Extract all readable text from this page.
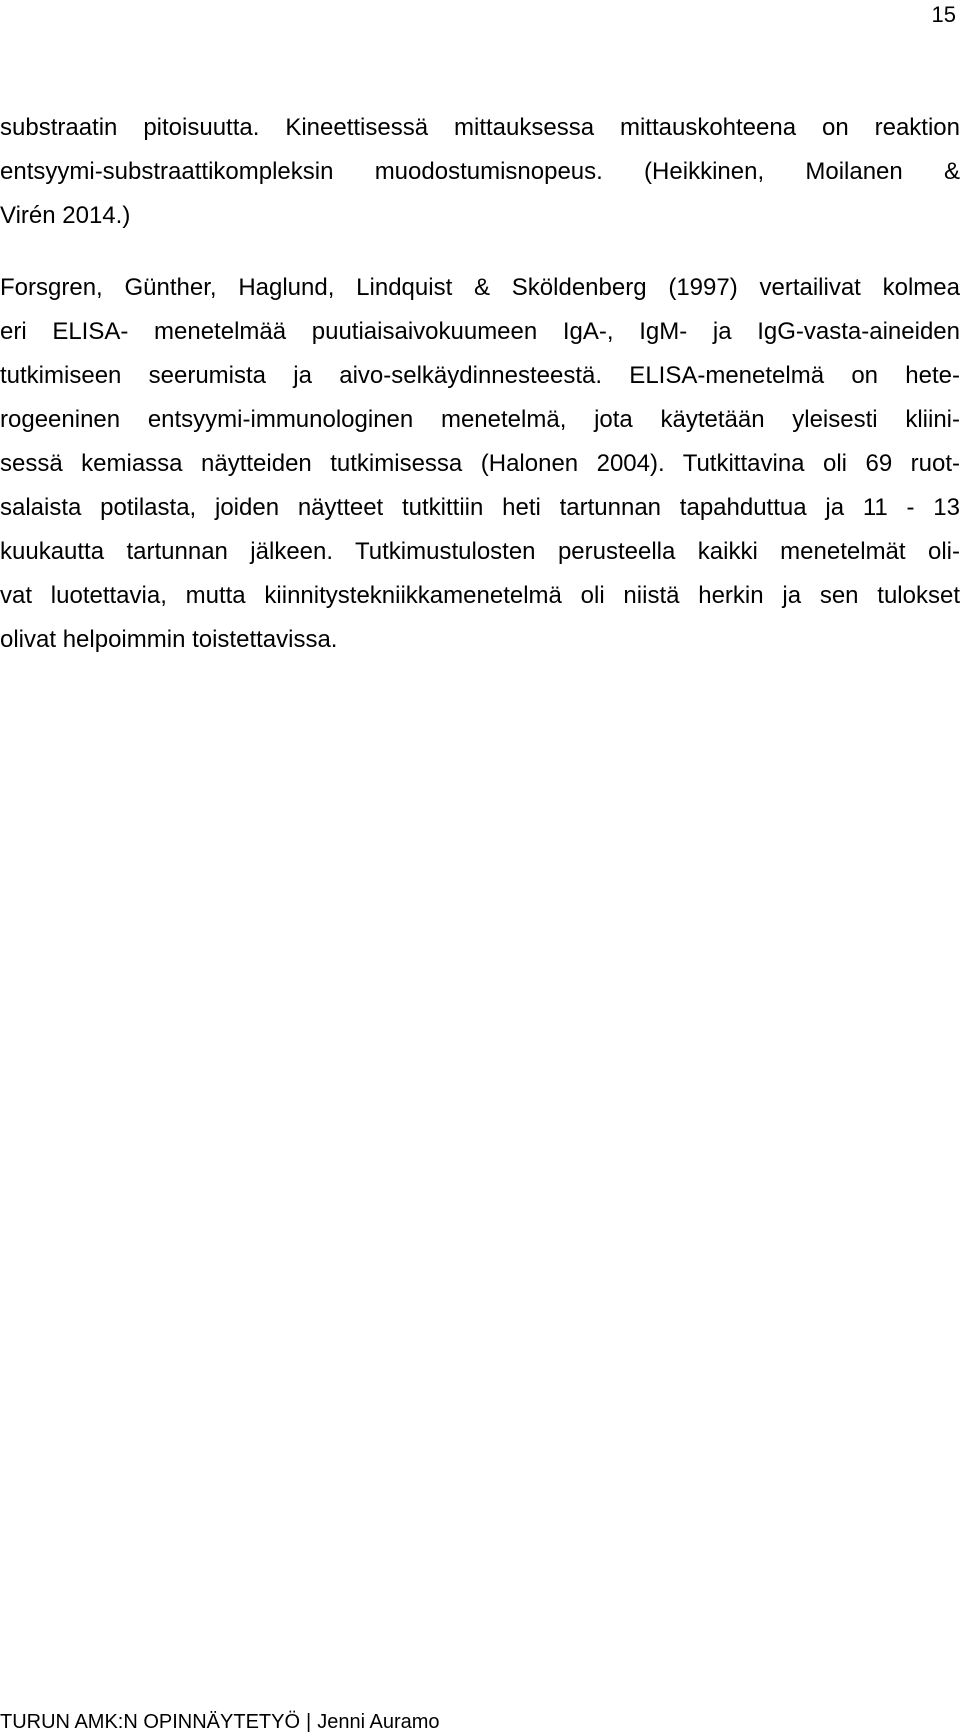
15
substraatin pitoisuutta. Kineettisessä mittauksessa mittauskohteena on reaktion
entsyymi-substraattikompleksin muodostumisnopeus. (Heikkinen, Moilanen &
Virén 2014.)
Forsgren, Günther, Haglund, Lindquist & Sköldenberg (1997) vertailivat kolmea
eri ELISA- menetelmää puutiaisaivokuumeen IgA-, IgM- ja IgG-vasta-aineiden
tutkimiseen seerumista ja aivo-selkäydinnesteestä. ELISA-menetelmä on hete-
rogeeninen entsyymi-immunologinen menetelmä, jota käytetään yleisesti kliini-
sessä kemiassa näytteiden tutkimisessa (Halonen 2004). Tutkittavina oli 69 ruot-
salaista potilasta, joiden näytteet tutkittiin heti tartunnan tapahduttua ja 11 - 13
kuukautta tartunnan jälkeen. Tutkimustulosten perusteella kaikki menetelmät oli-
vat luotettavia, mutta kiinnitystekniikkamenetelmä oli niistä herkin ja sen tulokset
olivat helpoimmin toistettavissa.
TURUN AMK:N OPINNÄYTETYÖ | Jenni Auramo
